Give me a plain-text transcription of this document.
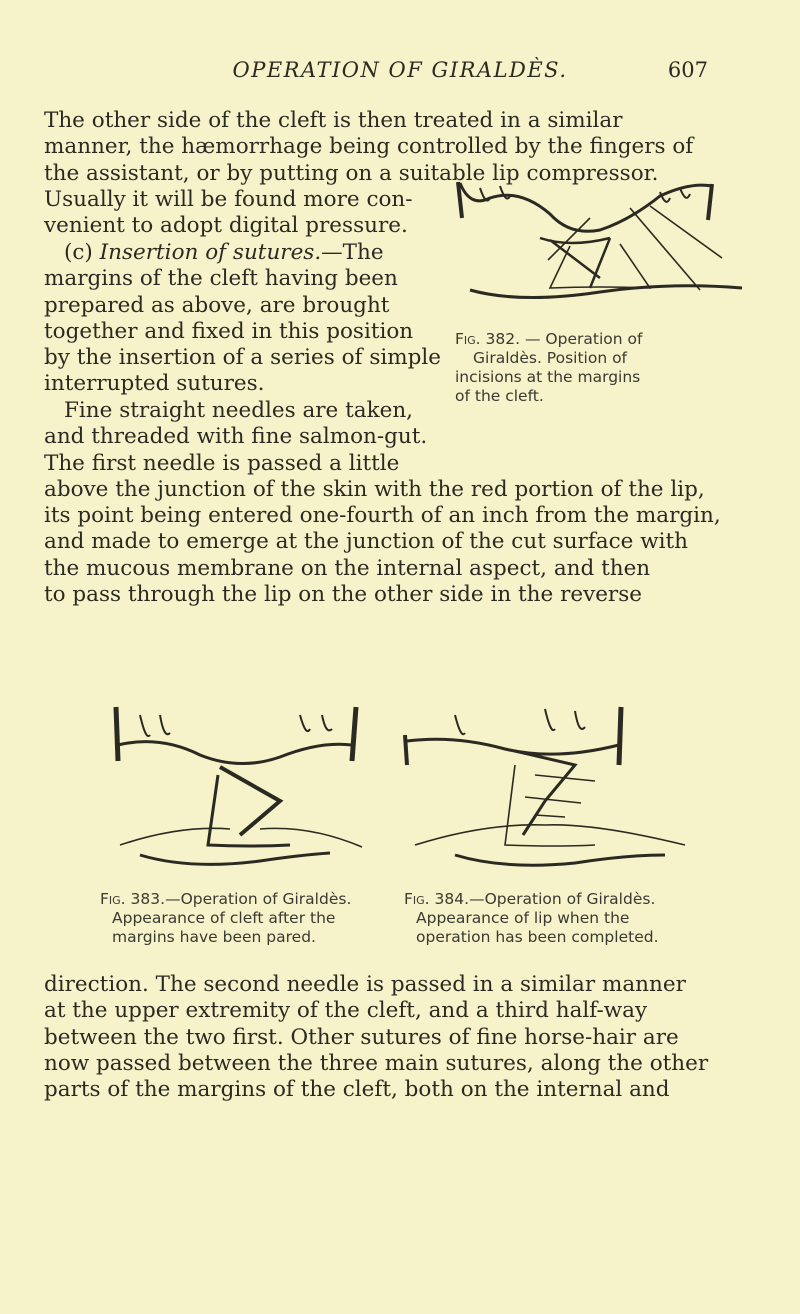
OPERATION OF GIRALDÈS.	607
The other side of the cleft is then treated in a similar
manner, the hæmorrhage being controlled by the fingers of
the assistant, or by putting on a suitable lip compressor.
Usually it will be found more con-
venient to adopt digital pressure.
(c) Insertion of sutures.—The
margins of the cleft having been
prepared as above, are brought
together and fixed in this position
by the insertion of a series of simple
interrupted sutures.
Fine straight needles are taken,
and threaded with fine salmon-gut.
The first needle is passed a little
above the junction of the skin with the red portion of the lip,
its point being entered one-fourth of an inch from the margin,
and made to emerge at the junction of the cut surface with
the mucous membrane on the internal aspect, and then
to pass through the lip on the other side in the reverse
Fig. 382. — Operation of
Giraldès. Position of
incisions at the margins
of the cleft.
Fig. 383.—Operation of Giraldès.
Appearance of cleft after the
margins have been pared.
Fig. 384.—Operation of Giraldès.
Appearance of lip when the
operation has been completed.
direction. The second needle is passed in a similar manner
at the upper extremity of the cleft, and a third half-way
between the two first. Other sutures of fine horse-hair are
now passed between the three main sutures, along the other
parts of the margins of the cleft, both on the internal and
